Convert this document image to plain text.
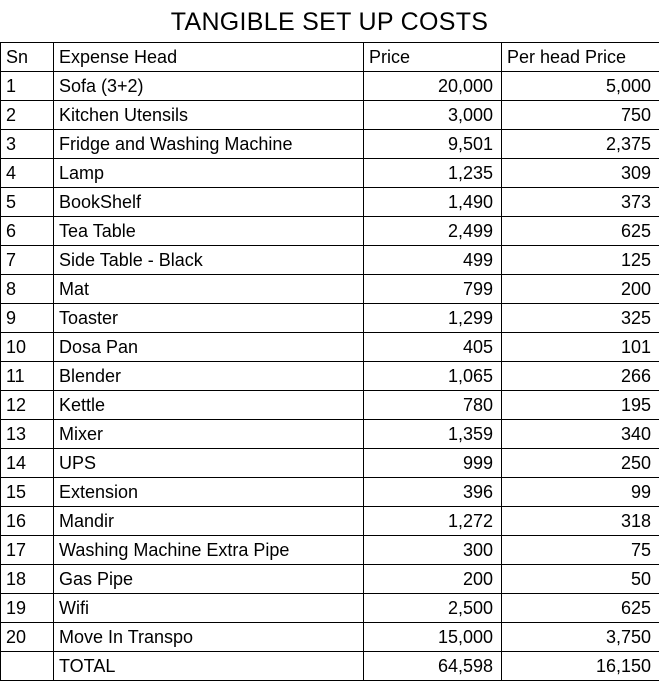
TANGIBLE SET UP COSTS
Sn	Expense Head	Price	Per head Price
1	Sofa (3+2)	20,000	5,000
2	Kitchen Utensils	3,000	750
3	Fridge and Washing Machine	9,501	2,375
4	Lamp	1,235	309
5	BookShelf	1,490	373
6	Tea Table	2,499	625
7	Side Table - Black	499	125
8	Mat	799	200
9	Toaster	1,299	325
10	Dosa Pan	405	101
11	Blender	1,065	266
12	Kettle	780	195
13	Mixer	1,359	340
14	UPS	999	250
15	Extension	396	99
16	Mandir	1,272	318
17	Washing Machine Extra Pipe	300	75
18	Gas Pipe	200	50
19	Wifi	2,500	625
20	Move In Transpo	15,000	3,750
	TOTAL	64,598	16,150
